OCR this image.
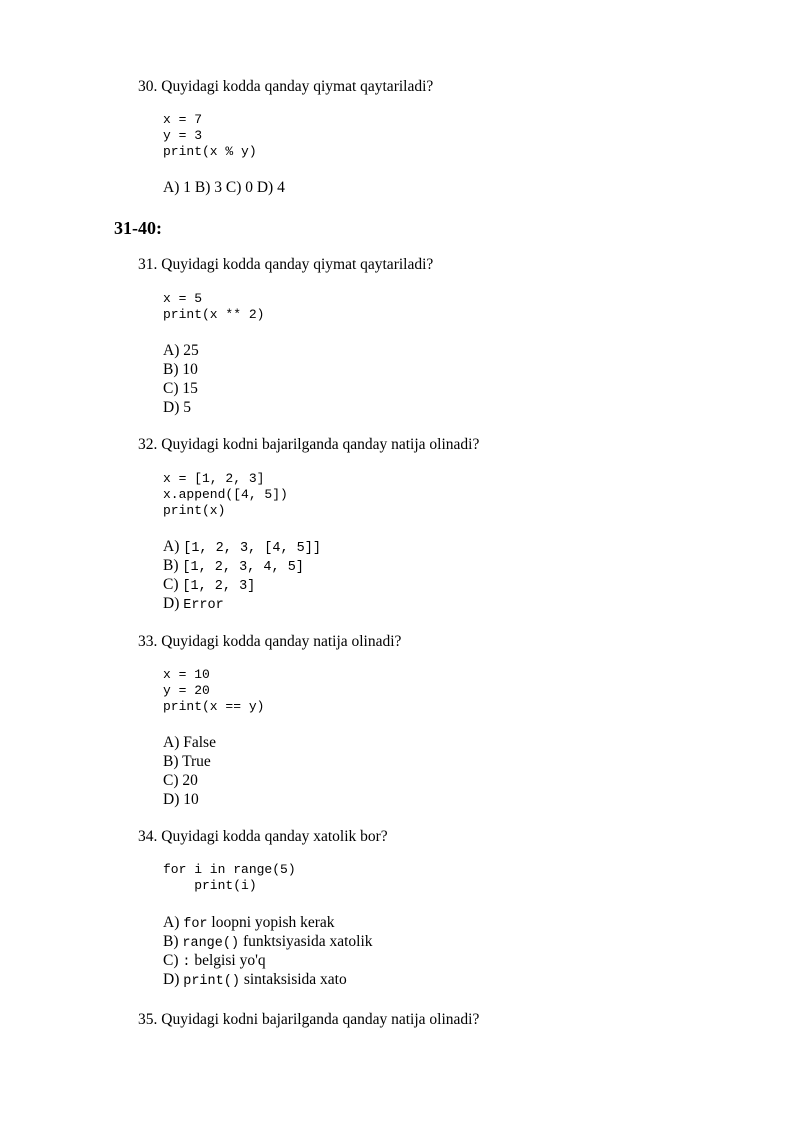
30. Quyidagi kodda qanday qiymat qaytariladi?
x = 7
y = 3
print(x % y)
A) 1 B) 3 C) 0 D) 4
31-40:
31. Quyidagi kodda qanday qiymat qaytariladi?
x = 5
print(x ** 2)
A) 25
B) 10
C) 15
D) 5
32. Quyidagi kodni bajarilganda qanday natija olinadi?
x = [1, 2, 3]
x.append([4, 5])
print(x)
A) [1, 2, 3, [4, 5]]
B) [1, 2, 3, 4, 5]
C) [1, 2, 3]
D) Error
33. Quyidagi kodda qanday natija olinadi?
x = 10
y = 20
print(x == y)
A) False
B) True
C) 20
D) 10
34. Quyidagi kodda qanday xatolik bor?
for i in range(5)
print(i)
A) for loopni yopish kerak
B) range() funktsiyasida xatolik
C) : belgisi yo'q
D) print() sintaksisida xato
35. Quyidagi kodni bajarilganda qanday natija olinadi?
